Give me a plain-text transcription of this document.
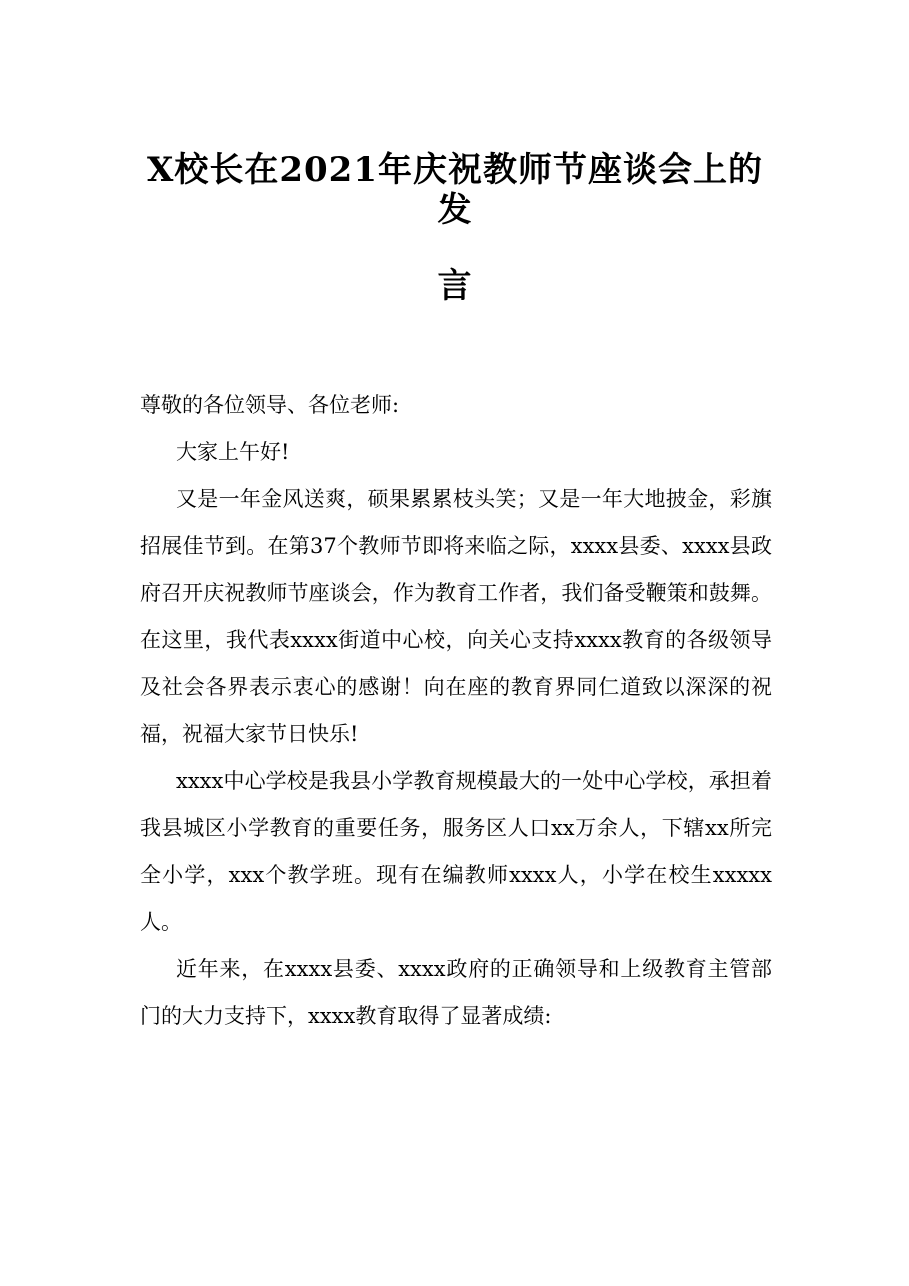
X校长在2021年庆祝教师节座谈会上的发
言

尊敬的各位领导、各位老师:

大家上午好!

又是一年金风送爽，硕果累累枝头笑；又是一年大地披金，彩旗招展佳节到。在第37个教师节即将来临之际，xxxx县委、xxxx县政府召开庆祝教师节座谈会，作为教育工作者，我们备受鞭策和鼓舞。在这里，我代表xxxx街道中心校，向关心支持xxxx教育的各级领导及社会各界表示衷心的感谢！向在座的教育界同仁道致以深深的祝福，祝福大家节日快乐!

xxxx中心学校是我县小学教育规模最大的一处中心学校，承担着我县城区小学教育的重要任务，服务区人口xx万余人，下辖xx所完全小学，xxx个教学班。现有在编教师xxxx人，小学在校生xxxxx人。

近年来，在xxxx县委、xxxx政府的正确领导和上级教育主管部门的大力支持下，xxxx教育取得了显著成绩:
